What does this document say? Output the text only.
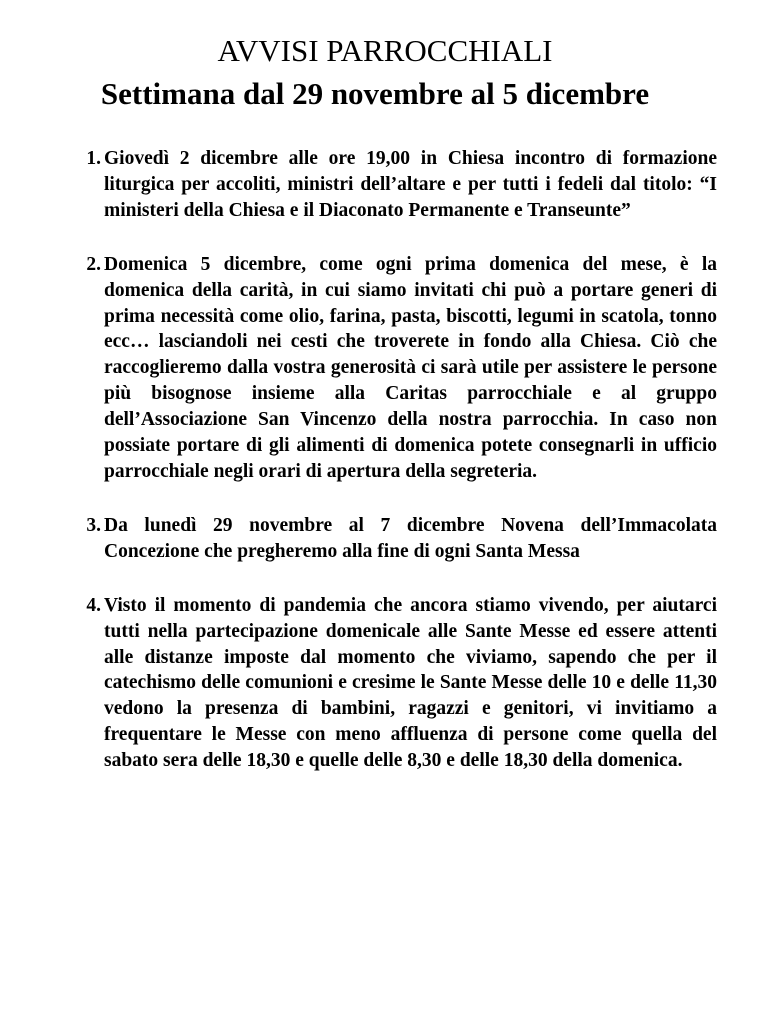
AVVISI PARROCCHIALI
Settimana dal 29 novembre al 5 dicembre
1. Giovedì 2 dicembre alle ore 19,00 in Chiesa incontro di formazione liturgica per accoliti, ministri dell’altare e per tutti i fedeli dal titolo: “I ministeri della Chiesa e il Diaconato Permanente e Transeunte”
2. Domenica 5 dicembre, come ogni prima domenica del mese, è la domenica della carità, in cui siamo invitati chi può a portare generi di prima necessità come olio, farina, pasta, biscotti, legumi in scatola, tonno ecc… lasciandoli nei cesti che troverete in fondo alla Chiesa. Ciò che raccoglieremo dalla vostra generosità ci sarà utile per assistere le persone più bisognose insieme alla Caritas parrocchiale e al gruppo dell’Associazione San Vincenzo della nostra parrocchia. In caso non possiate portare di gli alimenti di domenica potete consegnarli in ufficio parrocchiale negli orari di apertura della segreteria.
3. Da lunedì 29 novembre al 7 dicembre Novena dell’Immacolata Concezione che pregheremo alla fine di ogni Santa Messa
4. Visto il momento di pandemia che ancora stiamo vivendo, per aiutarci tutti nella partecipazione domenicale alle Sante Messe ed essere attenti alle distanze imposte dal momento che viviamo, sapendo che per il catechismo delle comunioni e cresime le Sante Messe delle 10 e delle 11,30 vedono la presenza di bambini, ragazzi e genitori, vi invitiamo a frequentare le Messe con meno affluenza di persone come quella del sabato sera delle 18,30 e quelle delle 8,30 e delle 18,30 della domenica.
